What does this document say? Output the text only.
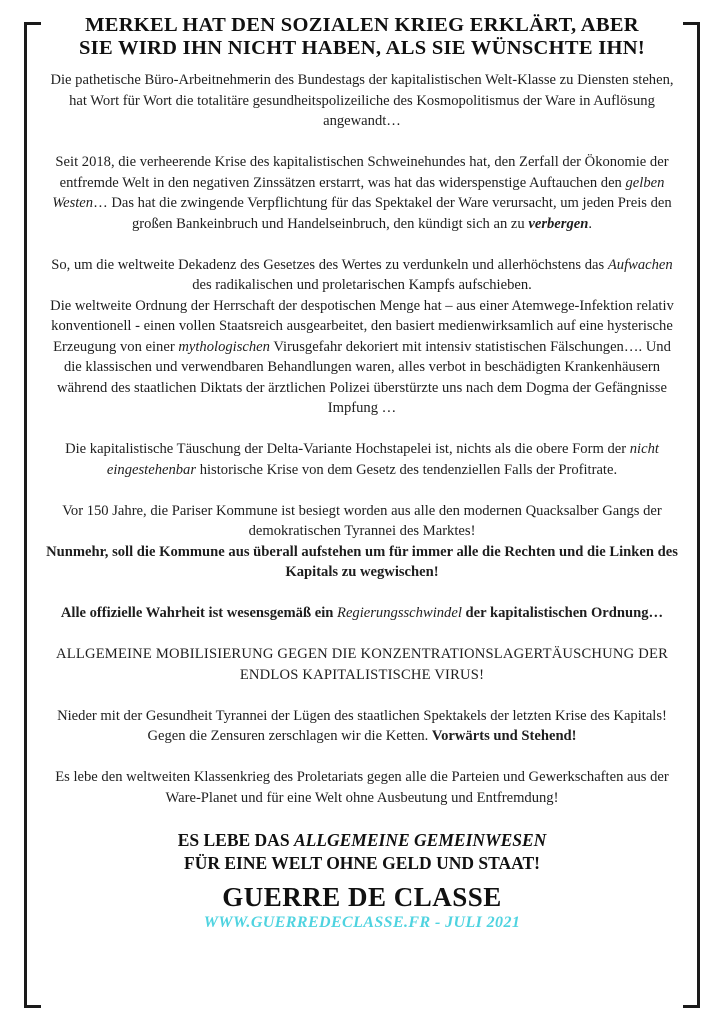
MERKEL HAT DEN SOZIALEN KRIEG ERKLÄRT, ABER
SIE WIRD IHN NICHT HABEN, ALS SIE WÜNSCHTE IHN!

Die pathetische Büro-Arbeitnehmerin des Bundestags der kapitalistischen Welt-Klasse zu Diensten stehen, hat Wort für Wort die totalitäre gesundheitspolizeiliche des Kosmopolitismus der Ware in Auflösung angewandt…

Seit 2018, die verheerende Krise des kapitalistischen Schweinehundes hat, den Zerfall der Ökonomie der entfremde Welt in den negativen Zinssätzen erstarrt, was hat das widerspenstige Auftauchen den gelben Westen… Das hat die zwingende Verpflichtung für das Spektakel der Ware verursacht, um jeden Preis den großen Bankeinbruch und Handelseinbruch, den kündigt sich an zu verbergen.

So, um die weltweite Dekadenz des Gesetzes des Wertes zu verdunkeln und allerhöchstens das Aufwachen des radikalischen und proletarischen Kampfs aufschieben.

Die weltweite Ordnung der Herrschaft der despotischen Menge hat – aus einer Atemwege-Infektion relativ konventionell - einen vollen Staatsreich ausgearbeitet, den basiert medienwirksamlich auf eine hysterische Erzeugung von einer mythologischen Virusgefahr dekoriert mit intensiv statistischen Fälschungen…. Und die klassischen und verwendbaren Behandlungen waren, alles verbot in beschädigten Krankenhäusern während des staatlichen Diktats der ärztlichen Polizei überstürzte uns nach dem Dogma der Gefängnisse Impfung …

Die kapitalistische Täuschung der Delta-Variante Hochstapelei ist, nichts als die obere Form der nicht eingestehenbar historische Krise von dem Gesetz des tendenziellen Falls der Profitrate.

Vor 150 Jahre, die Pariser Kommune ist besiegt worden aus alle den modernen Quacksalber Gangs der demokratischen Tyrannei des Marktes!

Nunmehr, soll die Kommune aus überall aufstehen um für immer alle die Rechten und die Linken des Kapitals zu wegwischen!

Alle offizielle Wahrheit ist wesensgemäß ein Regierungsschwindel der kapitalistischen Ordnung…

ALLGEMEINE MOBILISIERUNG GEGEN DIE KONZENTRATIONSLAGERTÄUSCHUNG DER ENDLOS KAPITALISTISCHE VIRUS!

Nieder mit der Gesundheit Tyrannei der Lügen des staatlichen Spektakels der letzten Krise des Kapitals! Gegen die Zensuren zerschlagen wir die Ketten. Vorwärts und Stehend!

Es lebe den weltweiten Klassenkrieg des Proletariats gegen alle die Parteien und Gewerkschaften aus der Ware-Planet und für eine Welt ohne Ausbeutung und Entfremdung!

ES LEBE DAS ALLGEMEINE GEMEINWESEN
FÜR EINE WELT OHNE GELD UND STAAT!
GUERRE DE CLASSE
WWW.GUERREDECLASSE.FR - JULI 2021
